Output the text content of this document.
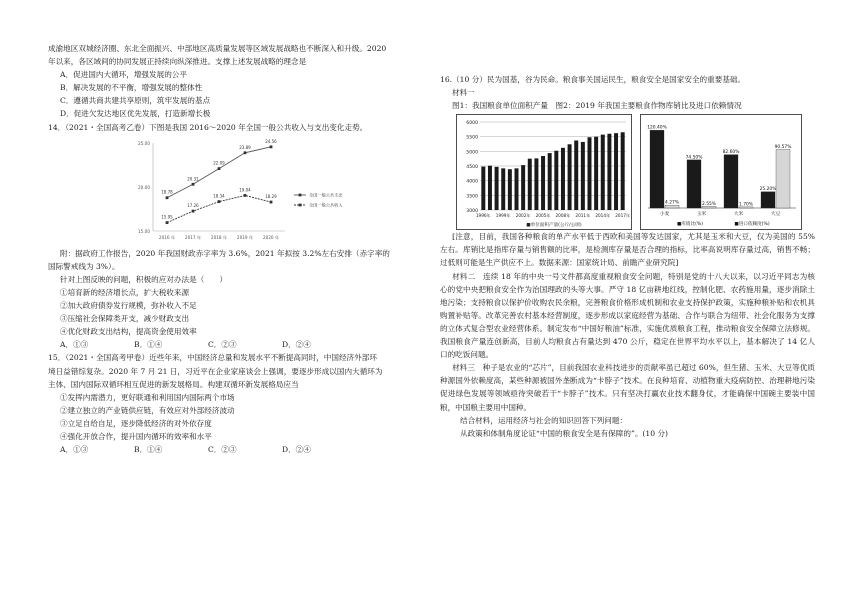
成渝地区双城经济圈、东北全面振兴、中部地区高质量发展等区域发展战略也不断深入和升级。2020

年以来，各区域间的协同发展正持续向纵深推进。支撑上述发展战略的理念是

A．促进国内大循环，增强发展的公平

B．解决发展的不平衡，增强发展的整体性

C．遵循共商共建共享原则，筑牢发展的基点

D．促进欠发达地区优先发展，打造新增长极

14．（2021・全国高考乙卷）下图是我国 2016～2020 年全国一般公共收入与支出变化走势。

15.00
20.00
25.00
2016 年 2017 年 2018 年 2019 年 2020 年
18.78
20.31
22.09
23.89
24.56
全国一般公共支出
15.95
17.26
18.34
19.04
18.29
全国一般公共收入

附：据政府工作报告，2020 年我国财政赤字率为 3.6%，2021 年拟按 3.2%左右安排（赤字率的

国际警戒线为 3%）。

针对上图反映的问题，积极的应对办法是（　　）

①培育新的经济增长点，扩大税收来源

②加大政府债券发行规模，弥补收入不足

③压缩社会保障类开支，减少财政支出

④优化财政支出结构，提高资金使用效率

A．①③	B．①④	C．②③	D．②④

15．（2021・全国高考甲卷）近些年来，中国经济总量和发展水平不断提高同时，中国经济外部环

境日益错综复杂。2020 年 7 月 21 日，习近平在企业家座谈会上强调，要逐步形成以国内大循环为

主体、国内国际双循环相互促进的新发展格局。构建双循环新发展格局应当

①发挥内需潜力，更好联通和利用国内国际两个市场

②建立独立的产业链供应链，有效应对外部经济波动

③立足自给自足，逐步降低经济的对外依存度

④强化开放合作，提升国内循环的效率和水平

A．①③	B．①④	C．②③	D．②④

16.（10 分）民为国基，谷为民命。粮食事关国运民生，粮食安全是国家安全的重要基础。

材料一

图1：我国粮食单位面积产量　图2：2019 年我国主要粮食作物库销比及进口依赖情况

3000
3500
4000
4500
5000
5500
6000
1996年 1999年 2002年 2005年 2008年 2011年 2014年 2017年
■单位面积产量(公斤/公顷)
120.40%
4.27%
小麦
74.50%
2.55%
玉米
82.60%
1.70%
大米
25.20%
90.57%
大豆
■库销比(%)	■进口依赖度(%)

[注意，目前，我国各种粮食的单产水平低于西欧和美国等发达国家，尤其是玉米和大豆，仅为美国的 55%左右。库销比是指库存量与销售额的比率，是检测库存量是否合理的指标，比率高说明库存量过高，销售不畅；过低则可能是生产供应不上。数据来源：国家统计局、前瞻产业研究院]

材料二　连续 18 年的中央一号文件都高度重视粮食安全问题，特别是党的十八大以来，以习近平同志为核心的党中央把粮食安全作为治国理政的头等大事。严守 18 亿亩耕地红线，控制化肥、农药施用量，逐步消除土地污染；支持粮食以保护价收购农民余粮，完善粮食价格形成机制和农业支持保护政策，实施种粮补贴和农机具购置补贴等。改革完善农村基本经营制度，逐步形成以家庭经营为基础、合作与联合为纽带、社会化服务为支撑的立体式复合型农业经营体系。制定发布“中国好粮油”标准，实施优质粮食工程，推动粮食安全保障立法修规。我国粮食产量连创新高，目前人均粮食占有量达到 470 公斤，稳定在世界平均水平以上，基本解决了 14 亿人口的吃饭问题。

材料三　种子是农业的“芯片”，目前我国农业科技进步的贡献率虽已超过 60%，但生猪、玉米、大豆等优质种源国外依赖度高，某些种源被国外垄断成为“卡脖子”技术。在良种培育、动植物重大疫病防控、治理耕地污染促进绿色发展等领域亟待突破若干“卡脖子”技术。只有坚决打赢农业技术翻身仗，才能确保中国碗主要装中国粮，中国粮主要用中国种。

结合材料，运用经济与社会的知识回答下列问题：

从政策和体制角度论证“中国的粮食安全是有保障的”。(10 分)
